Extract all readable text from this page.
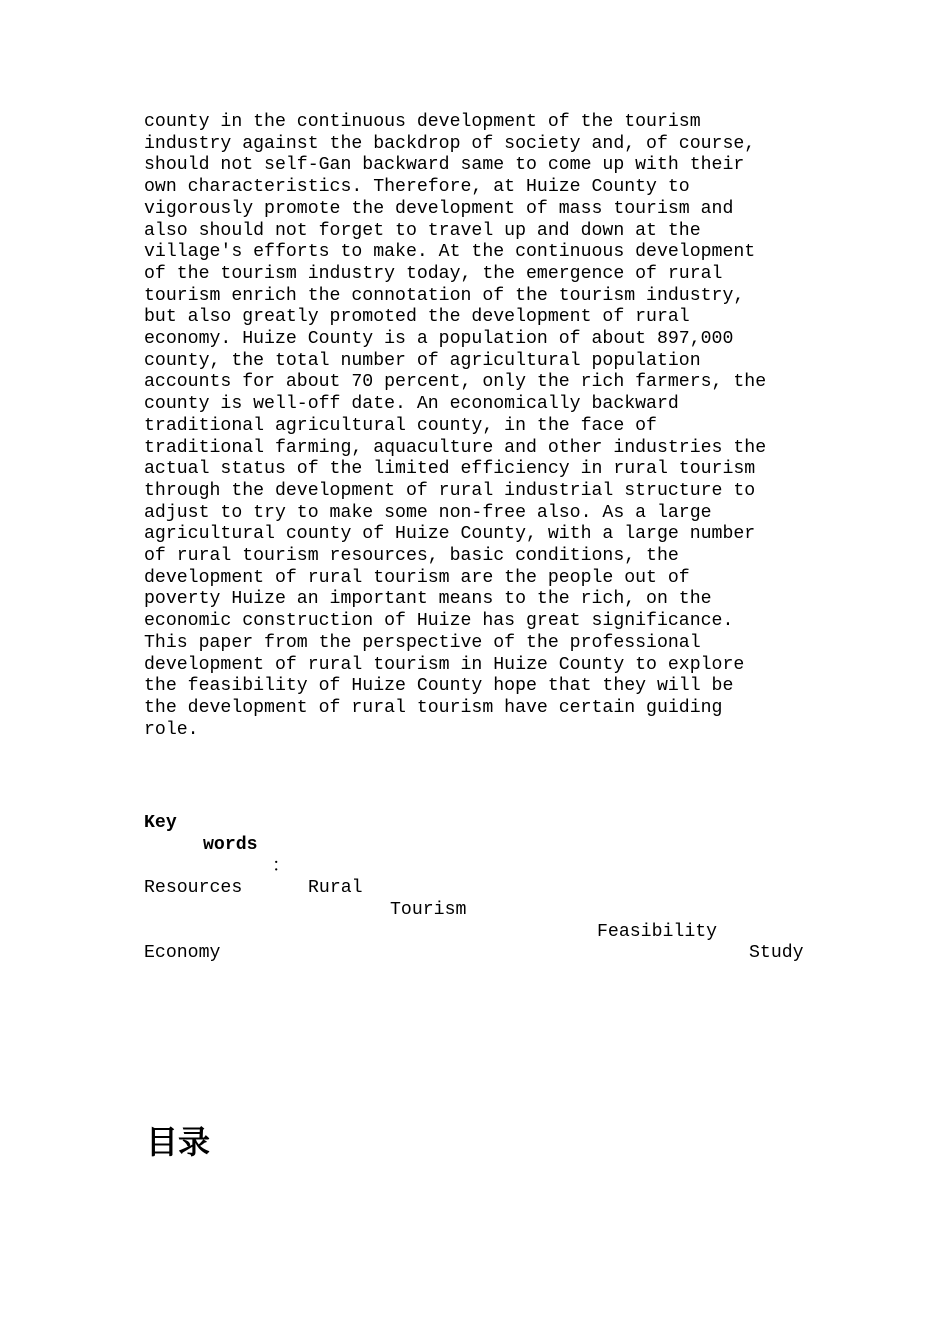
county in the continuous development of the tourism

industry against the backdrop of society and, of course,

should not self-Gan backward same to come up with their

own characteristics. Therefore, at Huize County to

vigorously promote the development of mass tourism and

also should not forget to travel up and down at the

village's efforts to make. At the continuous development

of the tourism industry today, the emergence of rural

tourism enrich the connotation of the tourism industry,

but also greatly promoted the development of rural

economy. Huize County is a population of about 897,000

county, the total number of agricultural population

accounts for about 70 percent, only the rich farmers, the

county is well-off date. An economically backward

traditional agricultural county, in the face of

traditional farming, aquaculture and other industries the

actual status of the limited efficiency in rural tourism

through the development of rural industrial structure to

adjust to try to make some non-free also. As a large

agricultural county of Huize County, with a large number

of rural tourism resources, basic conditions, the

development of rural tourism are the people out of

poverty Huize an important means to the rich, on the

economic construction of Huize has great significance.

This paper from the perspective of the professional

development of rural tourism in Huize County to explore

the feasibility of Huize County hope that they will be

the development of rural tourism have certain guiding

role.

Key

words

：

Rural

Tourism

Feasibility

Study

Resources

Economy

目录
